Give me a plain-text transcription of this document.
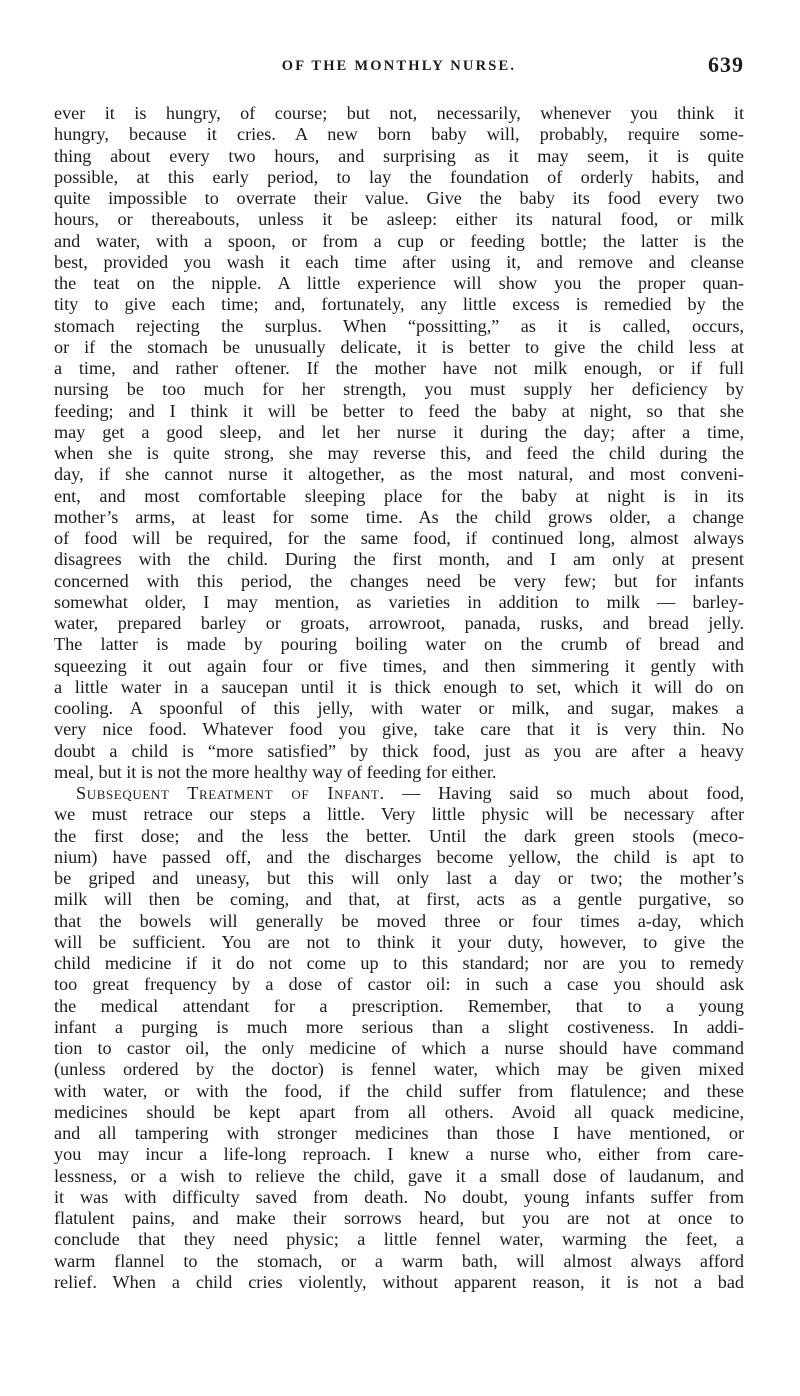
OF THE MONTHLY NURSE.	639
ever it is hungry, of course; but not, necessarily, whenever you think it
hungry, because it cries. A new born baby will, probably, require some-
thing about every two hours, and surprising as it may seem, it is quite
possible, at this early period, to lay the foundation of orderly habits, and
quite impossible to overrate their value. Give the baby its food every two
hours, or thereabouts, unless it be asleep: either its natural food, or milk
and water, with a spoon, or from a cup or feeding bottle; the latter is the
best, provided you wash it each time after using it, and remove and cleanse
the teat on the nipple. A little experience will show you the proper quan-
tity to give each time; and, fortunately, any little excess is remedied by the
stomach rejecting the surplus. When “possitting,” as it is called, occurs,
or if the stomach be unusually delicate, it is better to give the child less at
a time, and rather oftener. If the mother have not milk enough, or if full
nursing be too much for her strength, you must supply her deficiency by
feeding; and I think it will be better to feed the baby at night, so that she
may get a good sleep, and let her nurse it during the day; after a time,
when she is quite strong, she may reverse this, and feed the child during the
day, if she cannot nurse it altogether, as the most natural, and most conveni-
ent, and most comfortable sleeping place for the baby at night is in its
mother’s arms, at least for some time. As the child grows older, a change
of food will be required, for the same food, if continued long, almost always
disagrees with the child. During the first month, and I am only at present
concerned with this period, the changes need be very few; but for infants
somewhat older, I may mention, as varieties in addition to milk — barley-
water, prepared barley or groats, arrowroot, panada, rusks, and bread jelly.
The latter is made by pouring boiling water on the crumb of bread and
squeezing it out again four or five times, and then simmering it gently with
a little water in a saucepan until it is thick enough to set, which it will do on
cooling. A spoonful of this jelly, with water or milk, and sugar, makes a
very nice food. Whatever food you give, take care that it is very thin. No
doubt a child is “more satisfied” by thick food, just as you are after a heavy
meal, but it is not the more healthy way of feeding for either.
Subsequent Treatment of Infant. — Having said so much about food,
we must retrace our steps a little. Very little physic will be necessary after
the first dose; and the less the better. Until the dark green stools (meco-
nium) have passed off, and the discharges become yellow, the child is apt to
be griped and uneasy, but this will only last a day or two; the mother’s
milk will then be coming, and that, at first, acts as a gentle purgative, so
that the bowels will generally be moved three or four times a-day, which
will be sufficient. You are not to think it your duty, however, to give the
child medicine if it do not come up to this standard; nor are you to remedy
too great frequency by a dose of castor oil: in such a case you should ask
the medical attendant for a prescription. Remember, that to a young
infant a purging is much more serious than a slight costiveness. In addi-
tion to castor oil, the only medicine of which a nurse should have command
(unless ordered by the doctor) is fennel water, which may be given mixed
with water, or with the food, if the child suffer from flatulence; and these
medicines should be kept apart from all others. Avoid all quack medicine,
and all tampering with stronger medicines than those I have mentioned, or
you may incur a life-long reproach. I knew a nurse who, either from care-
lessness, or a wish to relieve the child, gave it a small dose of laudanum, and
it was with difficulty saved from death. No doubt, young infants suffer from
flatulent pains, and make their sorrows heard, but you are not at once to
conclude that they need physic; a little fennel water, warming the feet, a
warm flannel to the stomach, or a warm bath, will almost always afford
relief. When a child cries violently, without apparent reason, it is not a bad
